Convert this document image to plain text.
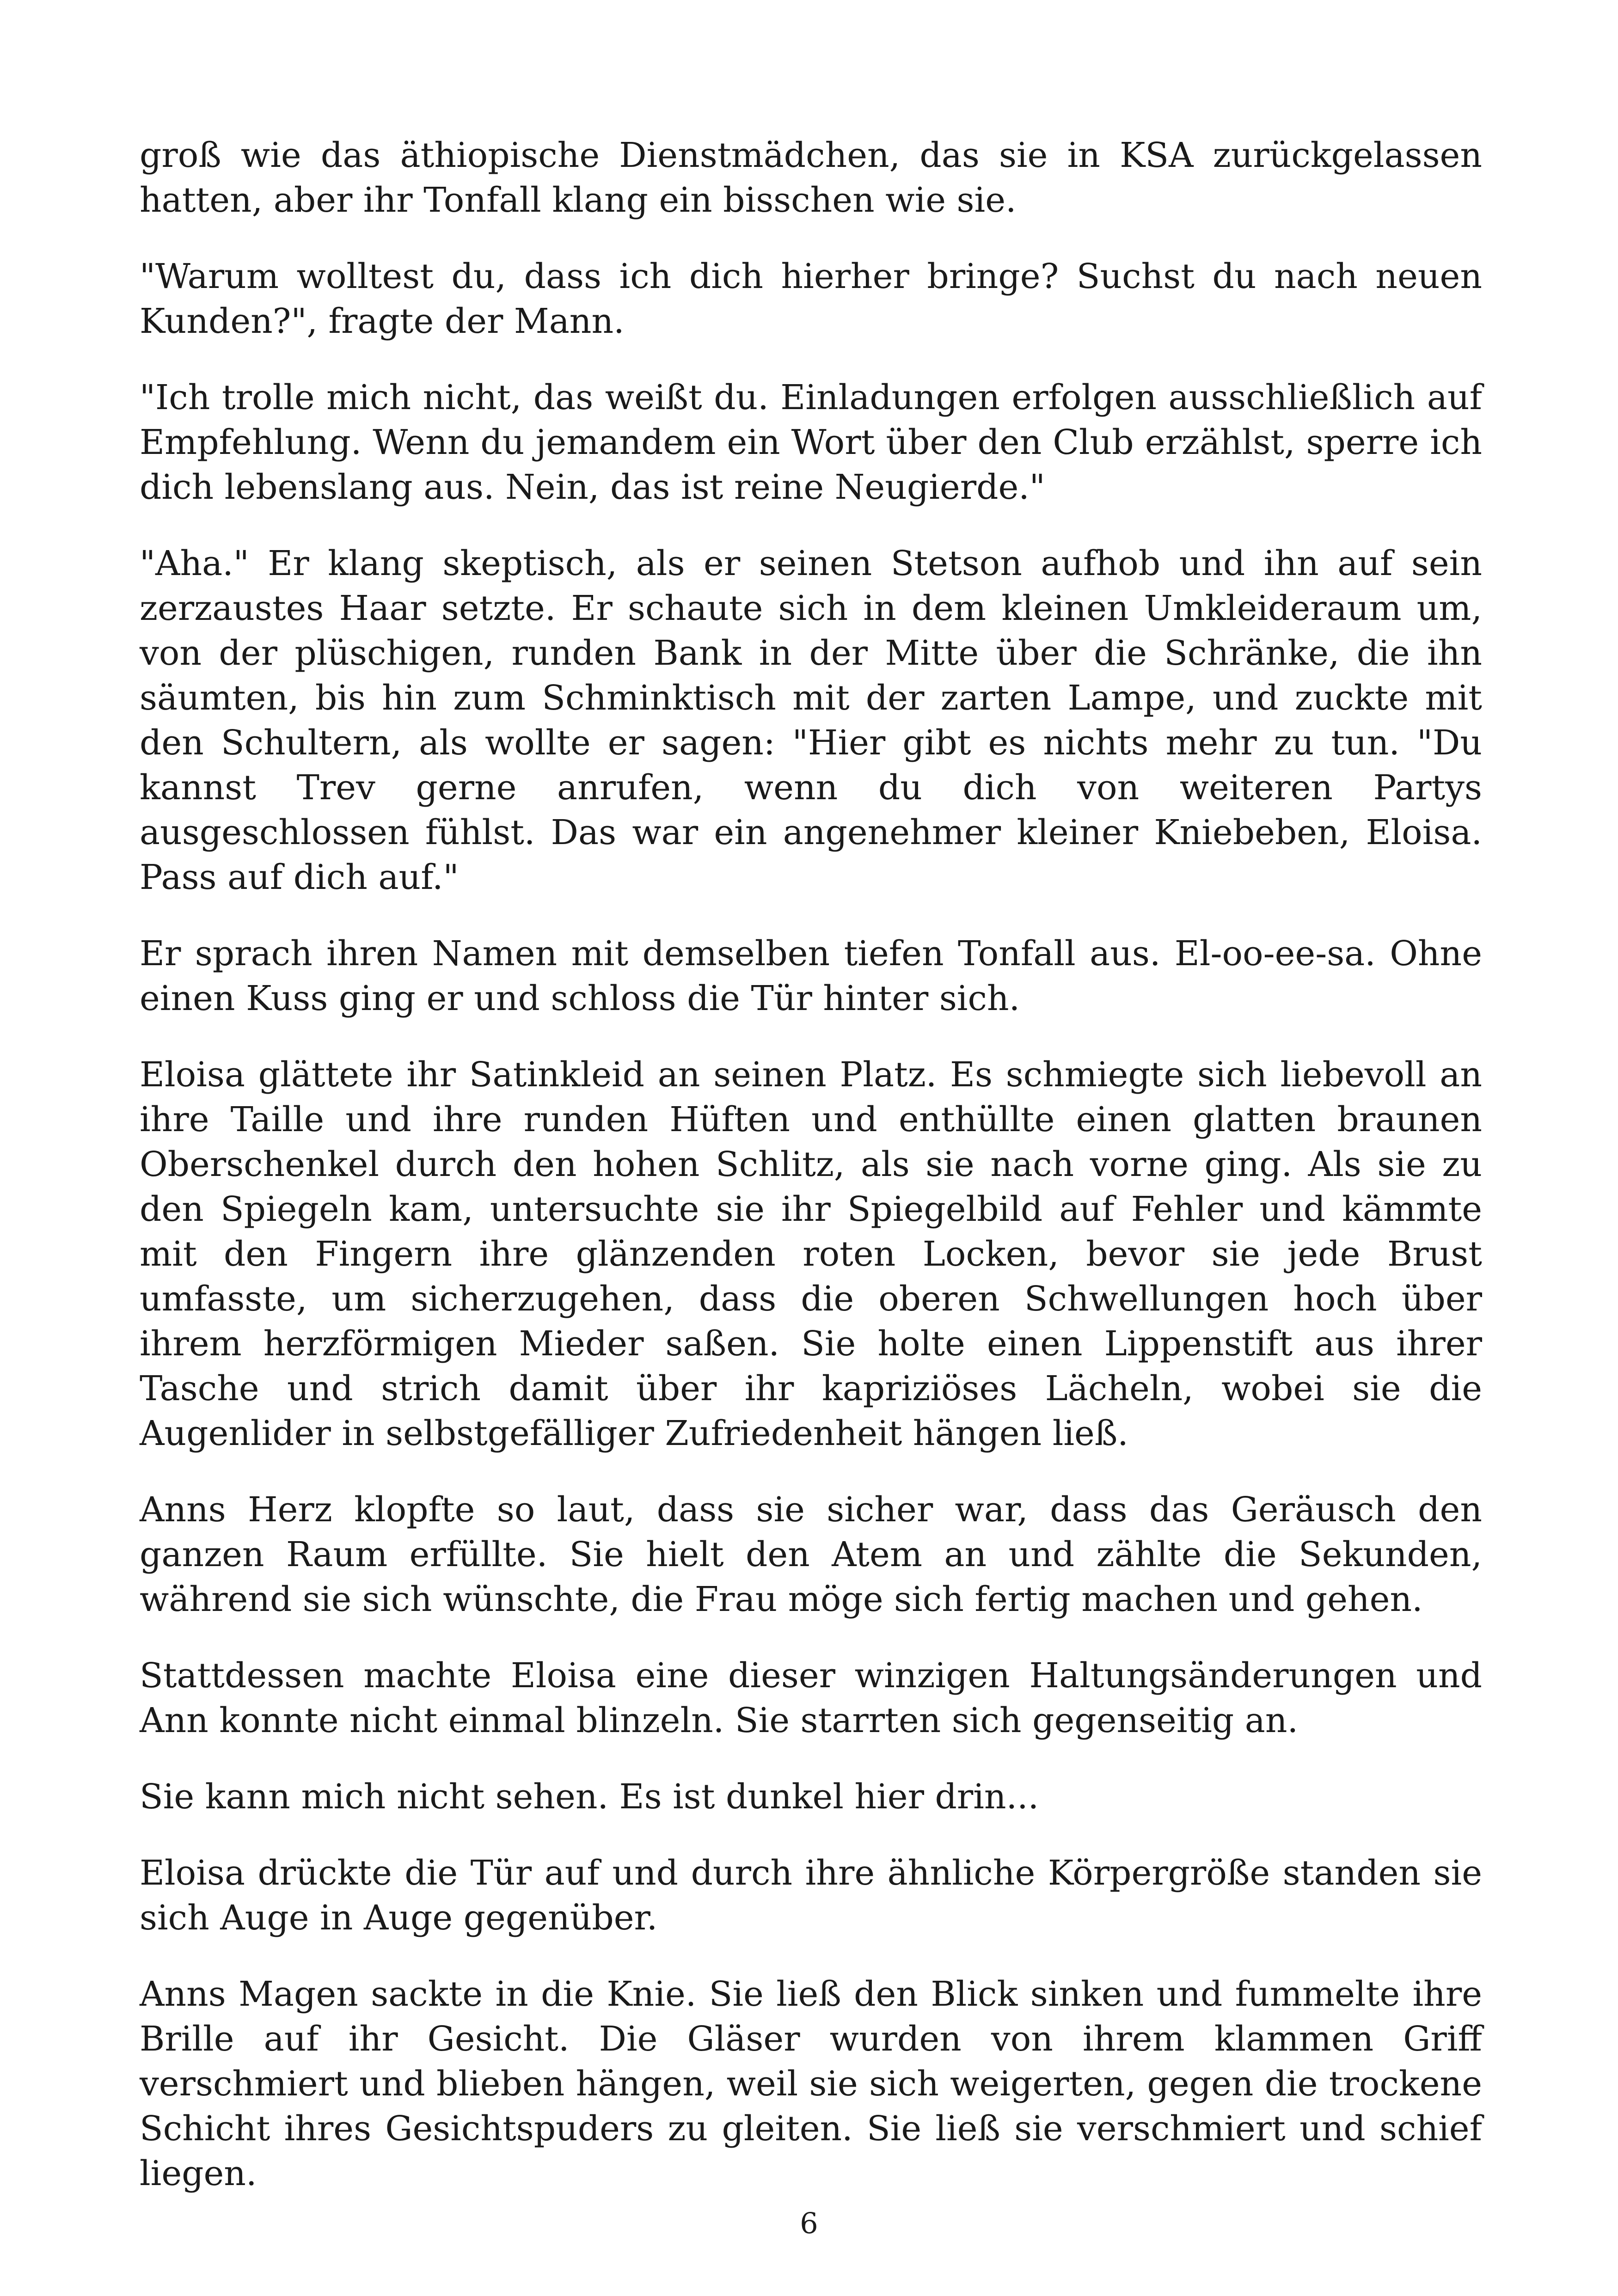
groß wie das äthiopische Dienstmädchen, das sie in KSA zurückgelassen hatten, aber ihr Tonfall klang ein bisschen wie sie.

"Warum wolltest du, dass ich dich hierher bringe? Suchst du nach neuen Kunden?", fragte der Mann.

"Ich trolle mich nicht, das weißt du. Einladungen erfolgen ausschließlich auf Empfehlung. Wenn du jemandem ein Wort über den Club erzählst, sperre ich dich lebenslang aus. Nein, das ist reine Neugierde."

"Aha." Er klang skeptisch, als er seinen Stetson aufhob und ihn auf sein zerzaustes Haar setzte. Er schaute sich in dem kleinen Umkleideraum um, von der plüschigen, runden Bank in der Mitte über die Schränke, die ihn säumten, bis hin zum Schminktisch mit der zarten Lampe, und zuckte mit den Schultern, als wollte er sagen: "Hier gibt es nichts mehr zu tun. "Du kannst Trev gerne anrufen, wenn du dich von weiteren Partys ausgeschlossen fühlst. Das war ein angenehmer kleiner Kniebeben, Eloisa. Pass auf dich auf."

Er sprach ihren Namen mit demselben tiefen Tonfall aus. El-oo-ee-sa. Ohne einen Kuss ging er und schloss die Tür hinter sich.

Eloisa glättete ihr Satinkleid an seinen Platz. Es schmiegte sich liebevoll an ihre Taille und ihre runden Hüften und enthüllte einen glatten braunen Oberschenkel durch den hohen Schlitz, als sie nach vorne ging. Als sie zu den Spiegeln kam, untersuchte sie ihr Spiegelbild auf Fehler und kämmte mit den Fingern ihre glänzenden roten Locken, bevor sie jede Brust umfasste, um sicherzugehen, dass die oberen Schwellungen hoch über ihrem herzförmigen Mieder saßen. Sie holte einen Lippenstift aus ihrer Tasche und strich damit über ihr kapriziöses Lächeln, wobei sie die Augenlider in selbstgefälliger Zufriedenheit hängen ließ.

Anns Herz klopfte so laut, dass sie sicher war, dass das Geräusch den ganzen Raum erfüllte. Sie hielt den Atem an und zählte die Sekunden, während sie sich wünschte, die Frau möge sich fertig machen und gehen.

Stattdessen machte Eloisa eine dieser winzigen Haltungsänderungen und Ann konnte nicht einmal blinzeln. Sie starrten sich gegenseitig an.

Sie kann mich nicht sehen. Es ist dunkel hier drin...

Eloisa drückte die Tür auf und durch ihre ähnliche Körpergröße standen sie sich Auge in Auge gegenüber.

Anns Magen sackte in die Knie. Sie ließ den Blick sinken und fummelte ihre Brille auf ihr Gesicht. Die Gläser wurden von ihrem klammen Griff verschmiert und blieben hängen, weil sie sich weigerten, gegen die trockene Schicht ihres Gesichtspuders zu gleiten. Sie ließ sie verschmiert und schief liegen.

6
